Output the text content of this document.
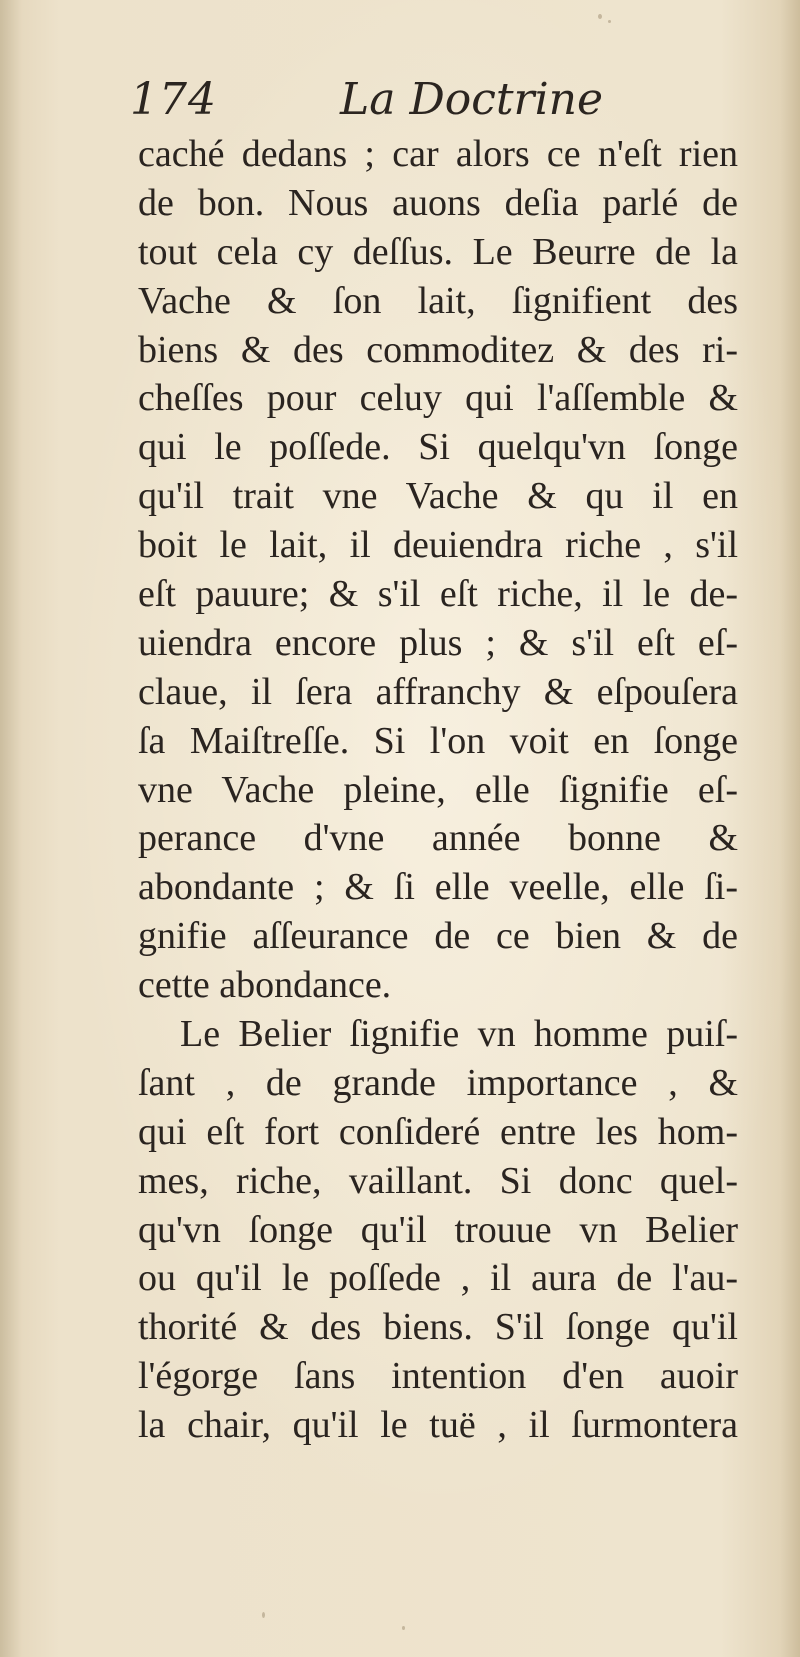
174	La Doctrine
caché dedans ; car alors ce n'eſt rien
de bon. Nous auons deſia parlé de
tout cela cy deſſus. Le Beurre de la
Vache & ſon lait, ſignifient des
biens & des commoditez & des ri-
cheſſes pour celuy qui l'aſſemble &
qui le poſſede. Si quelqu'vn ſonge
qu'il trait vne Vache & qu il en
boit le lait, il deuiendra riche , s'il
eſt pauure; & s'il eſt riche, il le de-
uiendra encore plus ; & s'il eſt eſ-
claue, il ſera affranchy & eſpouſera
ſa Maiſtreſſe. Si l'on voit en ſonge
vne Vache pleine, elle ſignifie eſ-
perance d'vne année bonne &
abondante ; & ſi elle veelle, elle ſi-
gnifie aſſeurance de ce bien & de
cette abondance.
Le Belier ſignifie vn homme puiſ-
ſant , de grande importance , &
qui eſt fort conſideré entre les hom-
mes, riche, vaillant. Si donc quel-
qu'vn ſonge qu'il trouue vn Belier
ou qu'il le poſſede , il aura de l'au-
thorité & des biens. S'il ſonge qu'il
l'égorge ſans intention d'en auoir
la chair, qu'il le tuë , il ſurmontera
